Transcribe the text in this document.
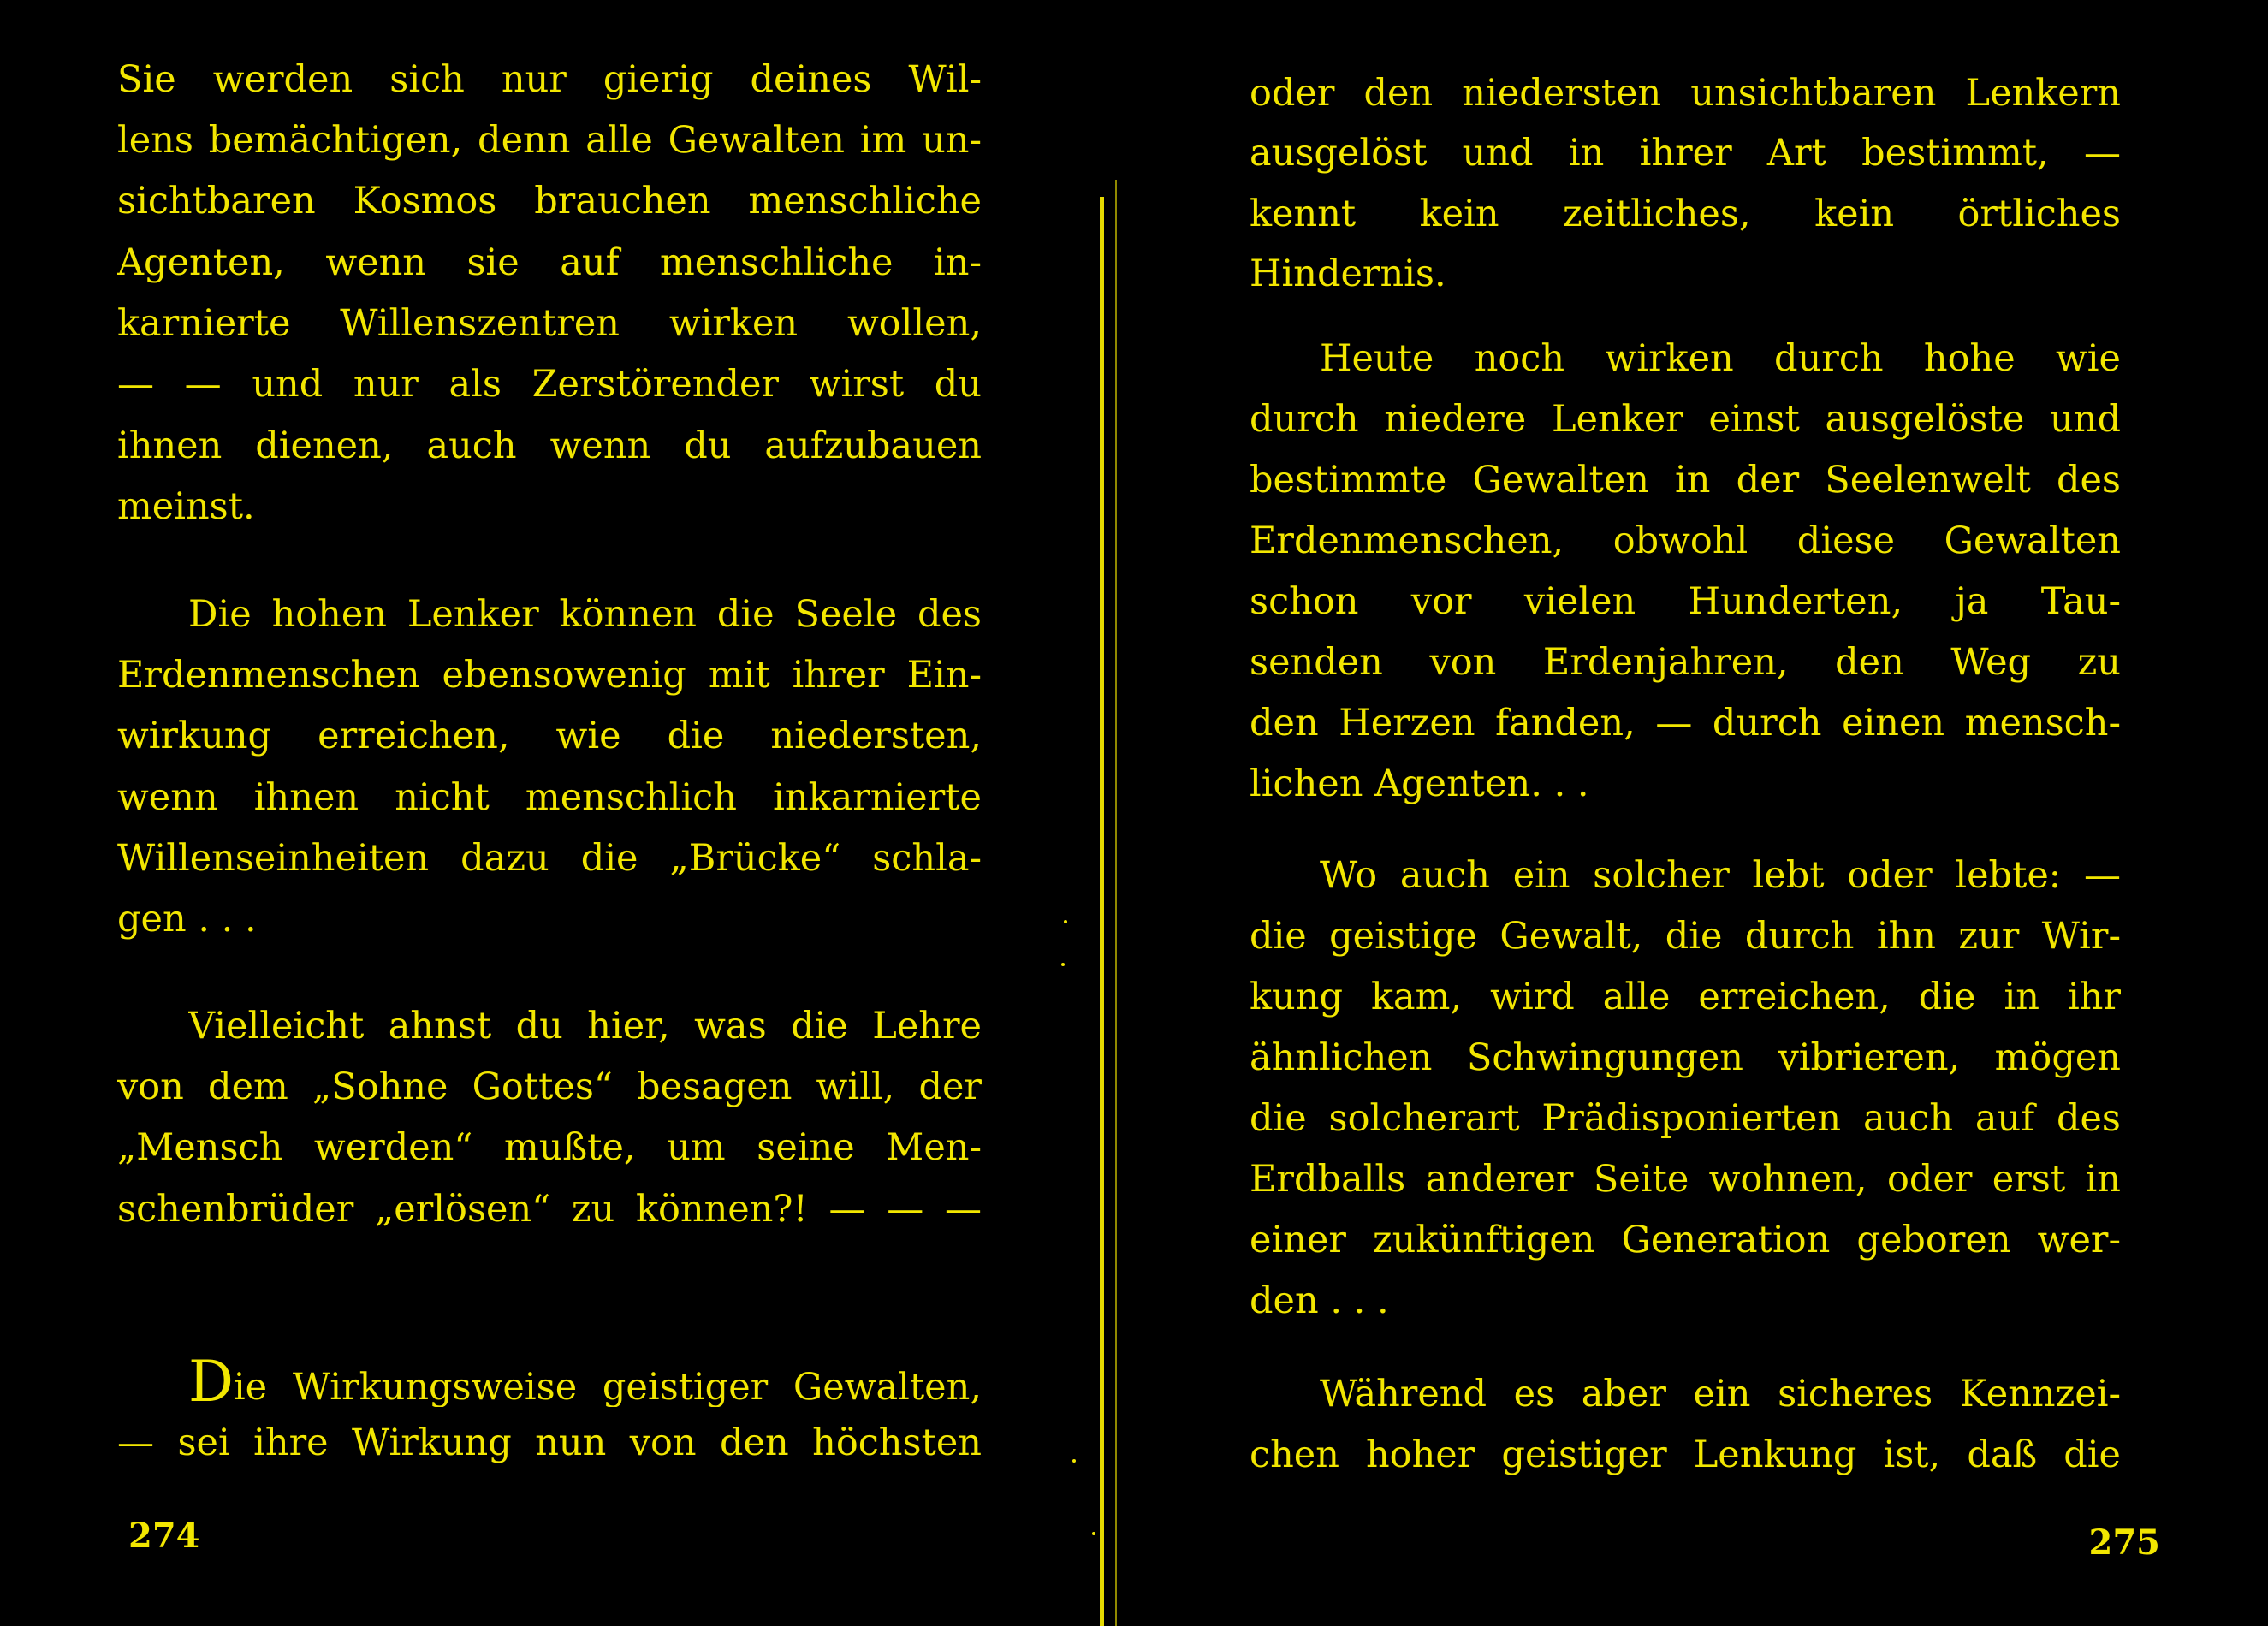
Sie werden sich nur gierig deines Wil-
lens bemächtigen, denn alle Gewalten im un-
sichtbaren Kosmos brauchen menschliche
Agenten, wenn sie auf menschliche in-
karnierte Willenszentren wirken wollen,
— — und nur als Zerstörender wirst du
ihnen dienen, auch wenn du aufzubauen
meinst.
Die hohen Lenker können die Seele des
Erdenmenschen ebensowenig mit ihrer Ein-
wirkung erreichen, wie die niedersten,
wenn ihnen nicht menschlich inkarnierte
Willenseinheiten dazu die „Brücke“ schla-
gen . . .
Vielleicht ahnst du hier, was die Lehre
von dem „Sohne Gottes“ besagen will, der
„Mensch werden“ mußte, um seine Men-
schenbrüder „erlösen“ zu können?! — — —
Die Wirkungsweise geistiger Gewalten,
— sei ihre Wirkung nun von den höchsten
274
oder den niedersten unsichtbaren Lenkern
ausgelöst und in ihrer Art bestimmt, —
kennt kein zeitliches, kein örtliches
Hindernis.
Heute noch wirken durch hohe wie
durch niedere Lenker einst ausgelöste und
bestimmte Gewalten in der Seelenwelt des
Erdenmenschen, obwohl diese Gewalten
schon vor vielen Hunderten, ja Tau-
senden von Erdenjahren, den Weg zu
den Herzen fanden, — durch einen mensch-
lichen Agenten. . .
Wo auch ein solcher lebt oder lebte: —
die geistige Gewalt, die durch ihn zur Wir-
kung kam, wird alle erreichen, die in ihr
ähnlichen Schwingungen vibrieren, mögen
die solcherart Prädisponierten auch auf des
Erdballs anderer Seite wohnen, oder erst in
einer zukünftigen Generation geboren wer-
den . . .
Während es aber ein sicheres Kennzei-
chen hoher geistiger Lenkung ist, daß die
275
